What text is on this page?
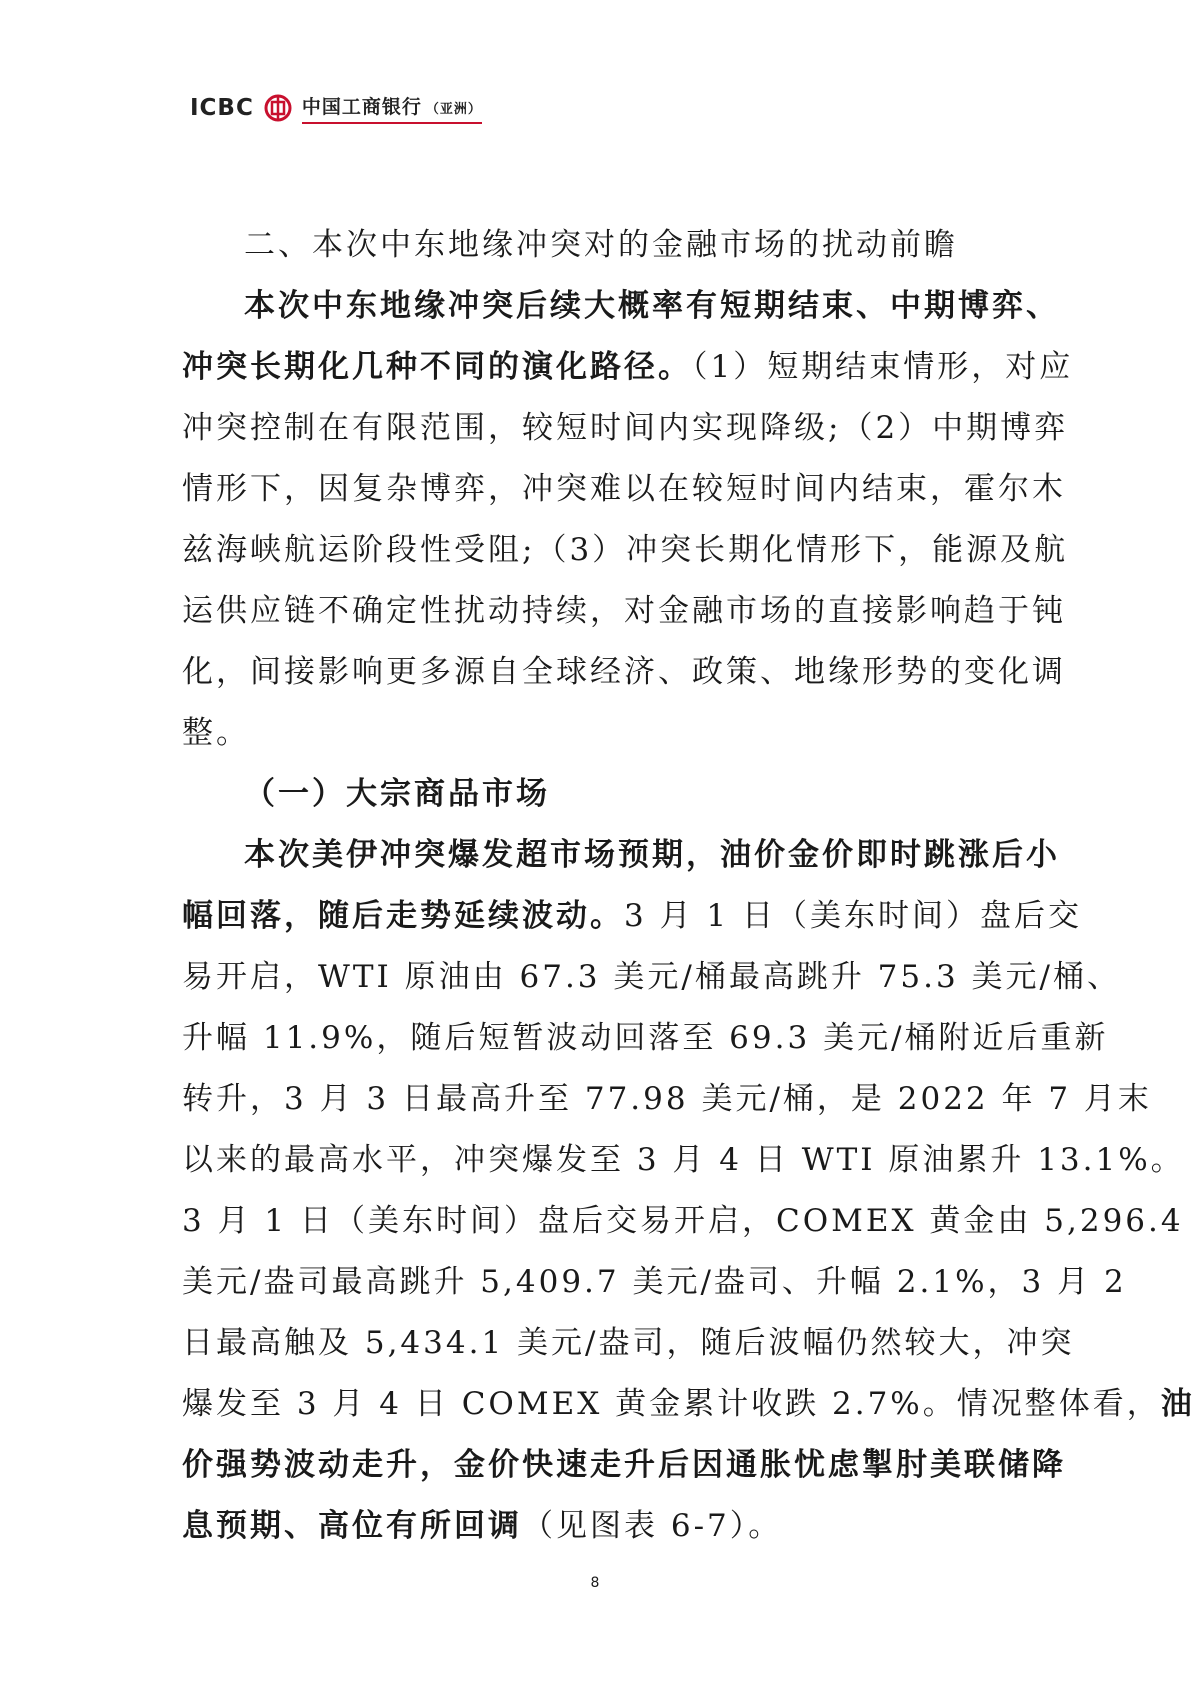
ICBC	中国工商银行 （亚洲）
二、本次中东地缘冲突对的金融市场的扰动前瞻
本次中东地缘冲突后续大概率有短期结束、中期博弈、
冲突长期化几种不同的演化路径。（1）短期结束情形，对应
冲突控制在有限范围，较短时间内实现降级;（2）中期博弈
情形下，因复杂博弈，冲突难以在较短时间内结束，霍尔木
兹海峡航运阶段性受阻;（3）冲突长期化情形下，能源及航
运供应链不确定性扰动持续，对金融市场的直接影响趋于钝
化，间接影响更多源自全球经济、政策、地缘形势的变化调
整。
（一）大宗商品市场
本次美伊冲突爆发超市场预期，油价金价即时跳涨后小
幅回落，随后走势延续波动。3 月 1 日（美东时间）盘后交
易开启，WTI 原油由 67.3 美元/桶最高跳升 75.3 美元/桶、
升幅 11.9%，随后短暂波动回落至 69.3 美元/桶附近后重新
转升，3 月 3 日最高升至 77.98 美元/桶，是 2022 年 7 月末
以来的最高水平，冲突爆发至 3 月 4 日 WTI 原油累升 13.1%。
3 月 1 日（美东时间）盘后交易开启，COMEX 黄金由 5,296.4
美元/盎司最高跳升 5,409.7 美元/盎司、升幅 2.1%，3 月 2
日最高触及 5,434.1 美元/盎司，随后波幅仍然较大，冲突
爆发至 3 月 4 日 COMEX 黄金累计收跌 2.7%。情况整体看，油
价强势波动走升，金价快速走升后因通胀忧虑掣肘美联储降
息预期、高位有所回调（见图表 6-7）。
8
